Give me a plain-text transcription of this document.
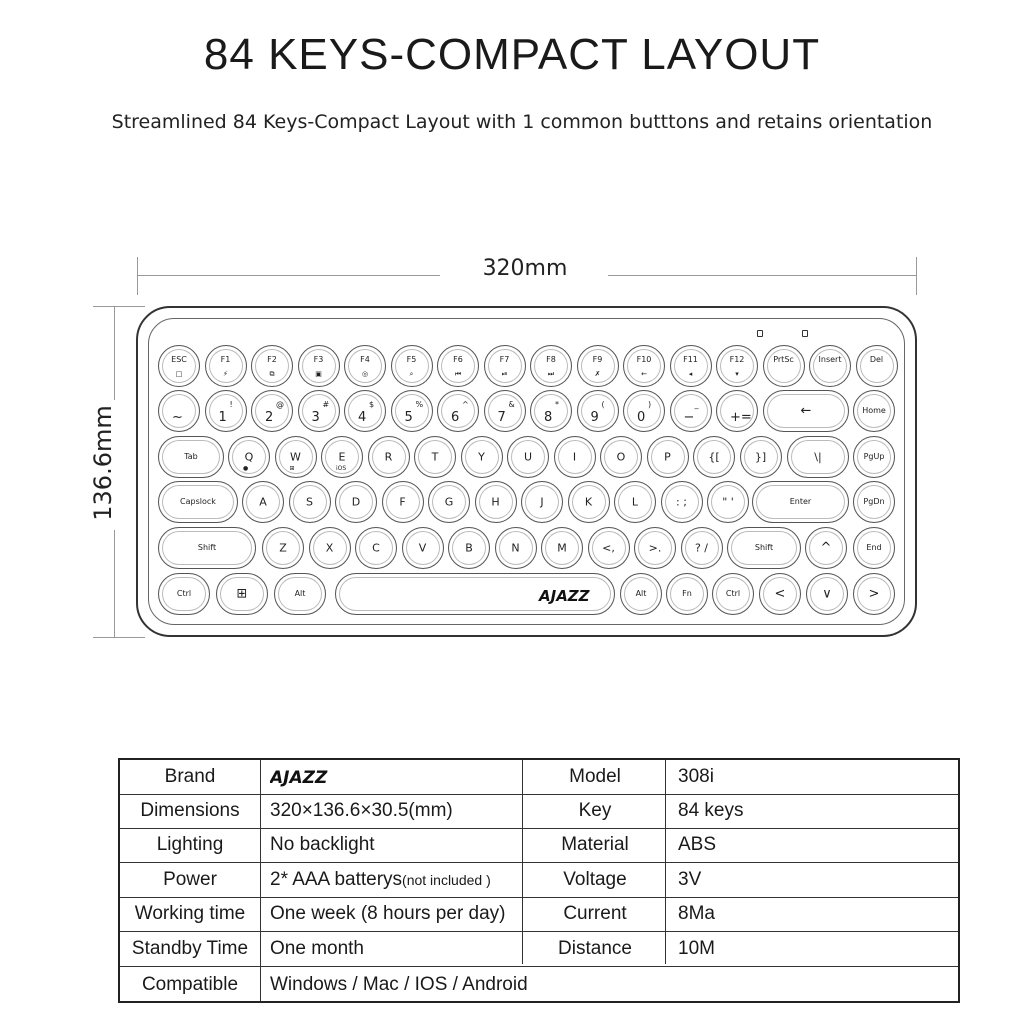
84 KEYS-COMPACT LAYOUT
Streamlined 84 Keys-Compact Layout with 1 common butttons and retains orientation
320mm
136.6mm
ESC
□
F1
⚡
F2
⧉
F3
▣
F4
◎
F5
⌕
F6
⏮
F7
⏯
F8
⏭
F9
✗
F10
←
F11
◂
F12
▾
PrtSc	Insert	Del
~	1
!
2
@
3
#
4
$
5
%
6
^
7
&
8
*
9
(
0
)
−
_
+=	←	Home
Tab	Q
●
W
⊞
E
iOS
R	T	Y	U	I	O	P	{[	}]	\|	PgUp
Capslock	A	S	D	F	G	H	J	K	L	: ;	" '	Enter	PgDn
Shift	Z	X	C	V	B	N	M	<,	>.	? /	Shift	^	End
Ctrl	⊞	Alt	AJAZZ	Alt	Fn	Ctrl	<	∨	>
Brand	AJAZZ	Model	308i
Dimensions	320×136.6×30.5(mm)	Key	84 keys
Lighting	No backlight	Material	ABS
Power	2* AAA batterys(not included )	Voltage	3V
Working time	One week (8 hours per day)	Current	8Ma
Standby Time	One month	Distance	10M
Compatible	Windows / Mac / IOS / Android
